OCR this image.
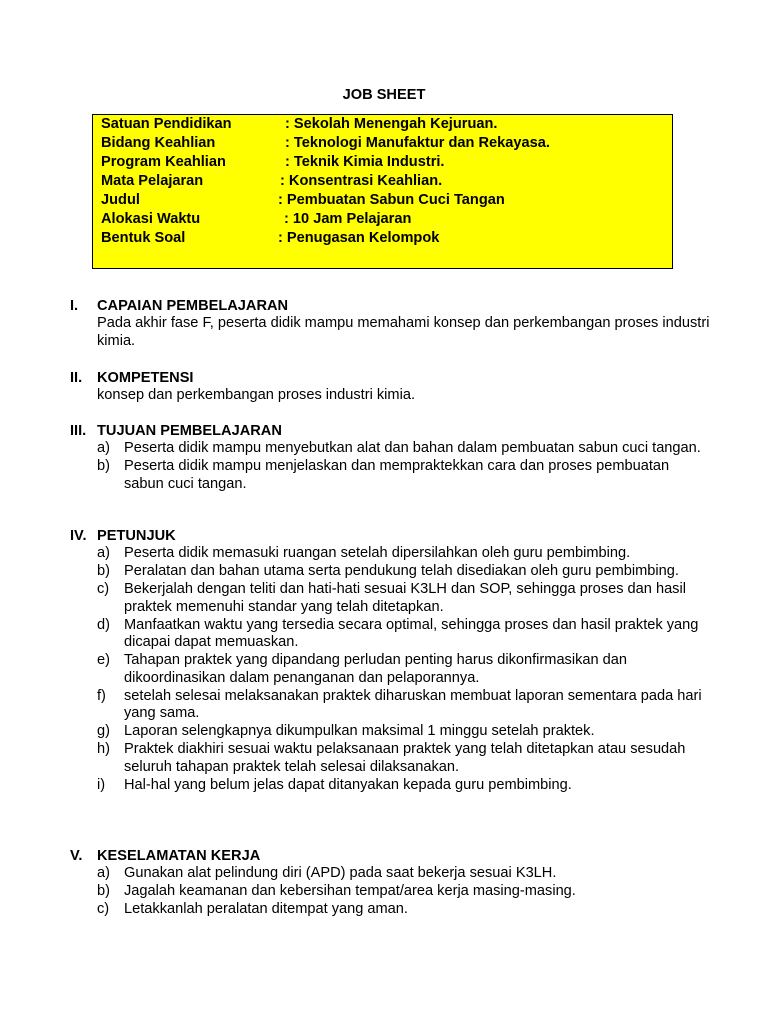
JOB SHEET
Satuan Pendidikan	: Sekolah Menengah Kejuruan.
Bidang Keahlian	: Teknologi Manufaktur dan Rekayasa.
Program Keahlian	: Teknik Kimia Industri.
Mata Pelajaran	: Konsentrasi Keahlian.
Judul	: Pembuatan Sabun Cuci Tangan
Alokasi Waktu	: 10 Jam Pelajaran
Bentuk Soal	: Penugasan Kelompok
I. CAPAIAN PEMBELAJARAN
Pada akhir fase F, peserta didik mampu memahami konsep dan perkembangan proses industri kimia.
II. KOMPETENSI
konsep dan perkembangan proses industri kimia.
III. TUJUAN PEMBELAJARAN
a) Peserta didik mampu menyebutkan alat dan bahan dalam pembuatan sabun cuci tangan.
b) Peserta didik mampu menjelaskan dan mempraktekkan cara dan proses pembuatan sabun cuci tangan.
IV. PETUNJUK
a) Peserta didik memasuki ruangan setelah dipersilahkan oleh guru pembimbing.
b) Peralatan dan bahan utama serta pendukung telah disediakan oleh guru pembimbing.
c) Bekerjalah dengan teliti dan hati-hati sesuai K3LH dan SOP, sehingga proses dan hasil praktek memenuhi standar yang telah ditetapkan.
d) Manfaatkan waktu yang tersedia secara optimal, sehingga proses dan hasil praktek yang dicapai dapat memuaskan.
e) Tahapan praktek yang dipandang perludan penting harus dikonfirmasikan dan dikoordinasikan dalam penanganan dan pelaporannya.
f) setelah selesai melaksanakan praktek diharuskan membuat laporan sementara pada hari yang sama.
g) Laporan selengkapnya dikumpulkan maksimal 1 minggu setelah praktek.
h) Praktek diakhiri sesuai waktu pelaksanaan praktek yang telah ditetapkan atau sesudah seluruh tahapan praktek telah selesai dilaksanakan.
i) Hal-hal yang belum jelas dapat ditanyakan kepada guru pembimbing.
V. KESELAMATAN KERJA
a) Gunakan alat pelindung diri (APD) pada saat bekerja sesuai K3LH.
b) Jagalah keamanan dan kebersihan tempat/area kerja masing-masing.
c) Letakkanlah peralatan ditempat yang aman.
